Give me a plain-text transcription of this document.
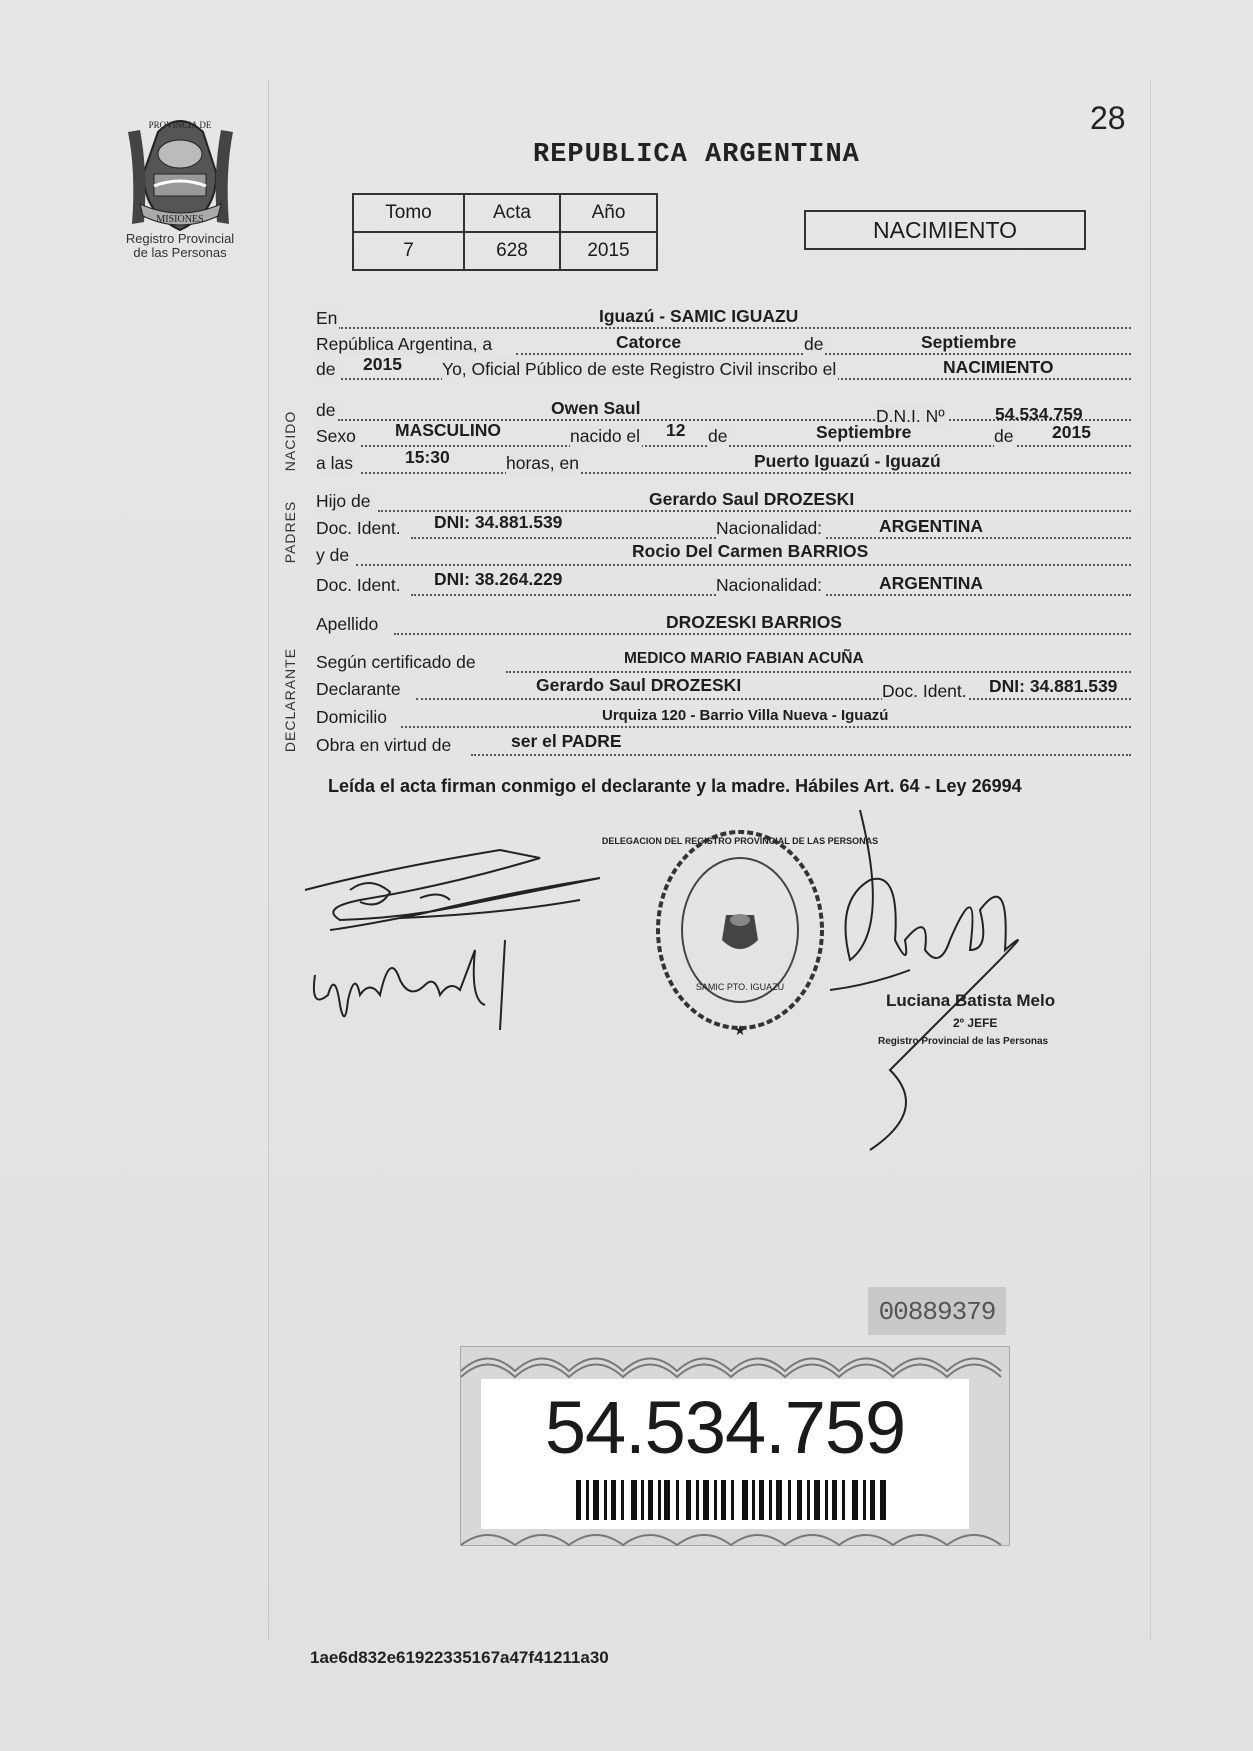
PROVINCIA DE
MISIONES
Registro Provincial
de las Personas
28
REPUBLICA ARGENTINA
Tomo	Acta	Año
7	628	2015
NACIMIENTO
NACIDO
PADRES
DECLARANTE
En	Iguazú - SAMIC IGUAZU
República Argentina, a	Catorce	de	Septiembre
de 2015 Yo, Oficial Público de este Registro Civil inscribo el	NACIMIENTO
de	Owen Saul	D.N.I. Nº	54.534.759
Sexo MASCULINO	nacido el 12 de	Septiembre	de 2015
a las	15:30	horas, en	Puerto Iguazú - Iguazú
Hijo de	Gerardo Saul DROZESKI
Doc. Ident. DNI: 34.881.539	Nacionalidad:	ARGENTINA
y de	Rocio Del Carmen BARRIOS
Doc. Ident. DNI: 38.264.229	Nacionalidad:	ARGENTINA
Apellido	DROZESKI BARRIOS
Según certificado de	MEDICO MARIO FABIAN ACUÑA
Declarante	Gerardo Saul DROZESKI	Doc. Ident. DNI: 34.881.539
Domicilio	Urquiza 120 - Barrio Villa Nueva - Iguazú
Obra en virtud de	ser el PADRE
Leída el acta firman conmigo el declarante y la madre. Hábiles Art. 64 - Ley 26994
DELEGACION DEL REGISTRO PROVINCIAL DE LAS PERSONAS
SAMIC PTO. IGUAZU
★
Luciana Batista Melo
2º JEFE
Registro Provincial de las Personas
00889379
54.534.759
1ae6d832e61922335167a47f41211a30
